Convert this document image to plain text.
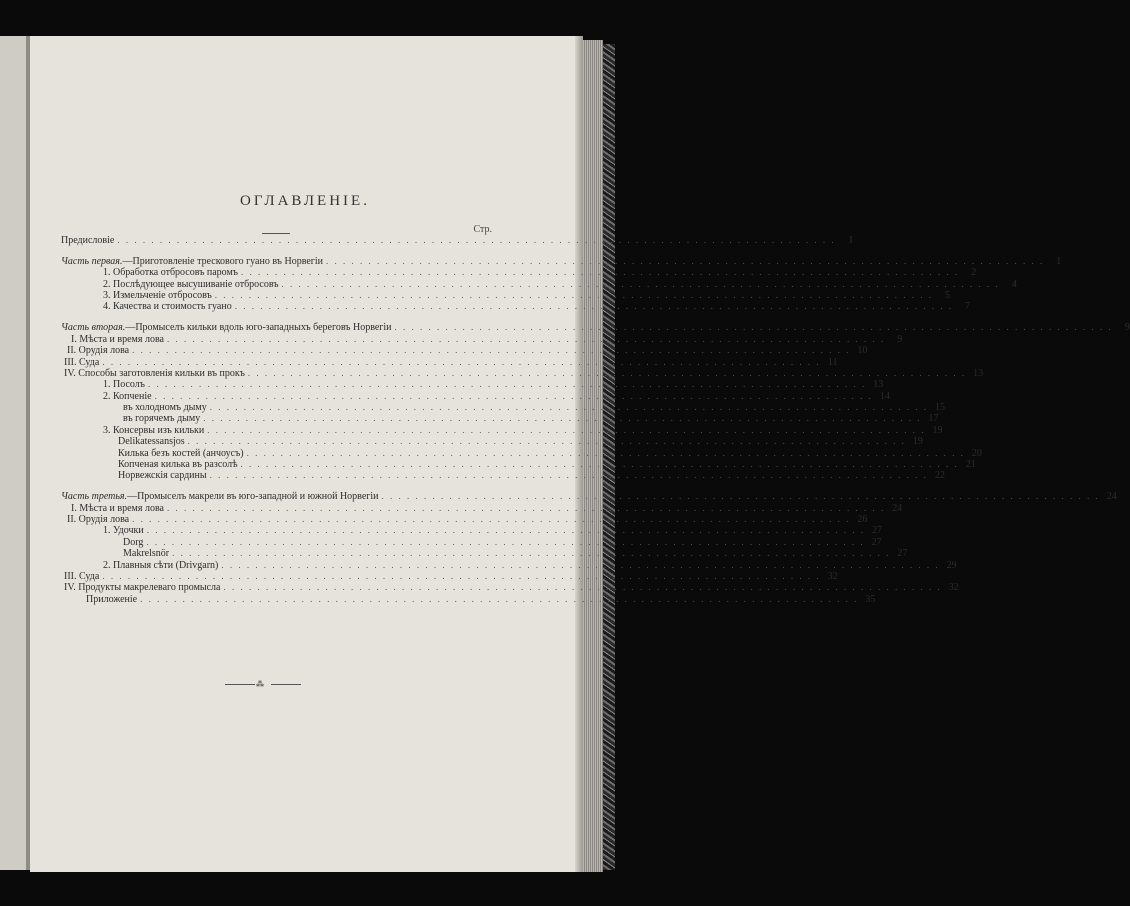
ОГЛАВЛЕНІЕ.
Стр.
Предисловіе . . . . . . . . . . . . . . . . . . . . . . . . . . . . . . . . . . . . . . . . . . . . . . . . . . . . . . . . . . . . . . . . . . . . . . . . . . . . . . . . . . . . .	I
Часть первая.—Приготовленіе трескового гуано въ Норвегіи . . . . . . . . . . . . . . . . . . . . . . . . . . . . . . . . . . . . . . . . . . . . . . . . . . . . . . . . . . . . . . . . . . . . . . . . . . . . . . . . . . . . .	1
1. Обработка отбросовъ паромъ . . . . . . . . . . . . . . . . . . . . . . . . . . . . . . . . . . . . . . . . . . . . . . . . . . . . . . . . . . . . . . . . . . . . . . . . . . . . . . . . . . . . .	2
2. Послѣдующее высушиваніе отбросовъ . . . . . . . . . . . . . . . . . . . . . . . . . . . . . . . . . . . . . . . . . . . . . . . . . . . . . . . . . . . . . . . . . . . . . . . . . . . . . . . . . . . . .	4
3. Измельченіе отбросовъ . . . . . . . . . . . . . . . . . . . . . . . . . . . . . . . . . . . . . . . . . . . . . . . . . . . . . . . . . . . . . . . . . . . . . . . . . . . . . . . . . . . . .	5
4. Качества и стоимость гуано . . . . . . . . . . . . . . . . . . . . . . . . . . . . . . . . . . . . . . . . . . . . . . . . . . . . . . . . . . . . . . . . . . . . . . . . . . . . . . . . . . . . .	7
Часть вторая.—Промыселъ кильки вдоль юго-западныхъ береговъ Норвегіи . . . . . . . . . . . . . . . . . . . . . . . . . . . . . . . . . . . . . . . . . . . . . . . . . . . . . . . . . . . . . . . . . . . . . . . . . . . . . . . . . . . . .	9
I. Мѣста и время лова . . . . . . . . . . . . . . . . . . . . . . . . . . . . . . . . . . . . . . . . . . . . . . . . . . . . . . . . . . . . . . . . . . . . . . . . . . . . . . . . . . . . .	9
II. Орудія лова . . . . . . . . . . . . . . . . . . . . . . . . . . . . . . . . . . . . . . . . . . . . . . . . . . . . . . . . . . . . . . . . . . . . . . . . . . . . . . . . . . . . . 10
III. Суда . . . . . . . . . . . . . . . . . . . . . . . . . . . . . . . . . . . . . . . . . . . . . . . . . . . . . . . . . . . . . . . . . . . . . . . . . . . . . . . . . . . . . 11
IV. Способы заготовленія кильки въ прокъ . . . . . . . . . . . . . . . . . . . . . . . . . . . . . . . . . . . . . . . . . . . . . . . . . . . . . . . . . . . . . . . . . . . . . . . . . . . . . . . . . . . . . 13
1. Посолъ . . . . . . . . . . . . . . . . . . . . . . . . . . . . . . . . . . . . . . . . . . . . . . . . . . . . . . . . . . . . . . . . . . . . . . . . . . . . . . . . . . . . . 13
2. Копченіе . . . . . . . . . . . . . . . . . . . . . . . . . . . . . . . . . . . . . . . . . . . . . . . . . . . . . . . . . . . . . . . . . . . . . . . . . . . . . . . . . . . . . 14
въ холодномъ дыму . . . . . . . . . . . . . . . . . . . . . . . . . . . . . . . . . . . . . . . . . . . . . . . . . . . . . . . . . . . . . . . . . . . . . . . . . . . . . . . . . . . . . 15
въ горячемъ дыму . . . . . . . . . . . . . . . . . . . . . . . . . . . . . . . . . . . . . . . . . . . . . . . . . . . . . . . . . . . . . . . . . . . . . . . . . . . . . . . . . . . . . 17
3. Консервы изъ кильки . . . . . . . . . . . . . . . . . . . . . . . . . . . . . . . . . . . . . . . . . . . . . . . . . . . . . . . . . . . . . . . . . . . . . . . . . . . . . . . . . . . . . 19
Delikatessansjos . . . . . . . . . . . . . . . . . . . . . . . . . . . . . . . . . . . . . . . . . . . . . . . . . . . . . . . . . . . . . . . . . . . . . . . . . . . . . . . . . . . . . 19
Килька безъ костей (анчоусъ) . . . . . . . . . . . . . . . . . . . . . . . . . . . . . . . . . . . . . . . . . . . . . . . . . . . . . . . . . . . . . . . . . . . . . . . . . . . . . . . . . . . . . 20
Копченая килька въ разсолѣ . . . . . . . . . . . . . . . . . . . . . . . . . . . . . . . . . . . . . . . . . . . . . . . . . . . . . . . . . . . . . . . . . . . . . . . . . . . . . . . . . . . . . 21
Норвежскія сардины . . . . . . . . . . . . . . . . . . . . . . . . . . . . . . . . . . . . . . . . . . . . . . . . . . . . . . . . . . . . . . . . . . . . . . . . . . . . . . . . . . . . . 22
Часть третья.—Промыселъ макрели въ юго-западной и южной Норвегіи . . . . . . . . . . . . . . . . . . . . . . . . . . . . . . . . . . . . . . . . . . . . . . . . . . . . . . . . . . . . . . . . . . . . . . . . . . . . . . . . . . . . . 24
I. Мѣста и время лова . . . . . . . . . . . . . . . . . . . . . . . . . . . . . . . . . . . . . . . . . . . . . . . . . . . . . . . . . . . . . . . . . . . . . . . . . . . . . . . . . . . . . 24
II. Орудія лова . . . . . . . . . . . . . . . . . . . . . . . . . . . . . . . . . . . . . . . . . . . . . . . . . . . . . . . . . . . . . . . . . . . . . . . . . . . . . . . . . . . . . 26
1. Удочки . . . . . . . . . . . . . . . . . . . . . . . . . . . . . . . . . . . . . . . . . . . . . . . . . . . . . . . . . . . . . . . . . . . . . . . . . . . . . . . . . . . . . 27
Dorg . . . . . . . . . . . . . . . . . . . . . . . . . . . . . . . . . . . . . . . . . . . . . . . . . . . . . . . . . . . . . . . . . . . . . . . . . . . . . . . . . . . . . 27
Makrelsnör . . . . . . . . . . . . . . . . . . . . . . . . . . . . . . . . . . . . . . . . . . . . . . . . . . . . . . . . . . . . . . . . . . . . . . . . . . . . . . . . . . . . . 27
2. Плавныя сѣти (Drivgarn) . . . . . . . . . . . . . . . . . . . . . . . . . . . . . . . . . . . . . . . . . . . . . . . . . . . . . . . . . . . . . . . . . . . . . . . . . . . . . . . . . . . . . 29
III. Суда . . . . . . . . . . . . . . . . . . . . . . . . . . . . . . . . . . . . . . . . . . . . . . . . . . . . . . . . . . . . . . . . . . . . . . . . . . . . . . . . . . . . . 32
IV. Продукты макрелеваго промысла . . . . . . . . . . . . . . . . . . . . . . . . . . . . . . . . . . . . . . . . . . . . . . . . . . . . . . . . . . . . . . . . . . . . . . . . . . . . . . . . . . . . . 32
Приложеніе . . . . . . . . . . . . . . . . . . . . . . . . . . . . . . . . . . . . . . . . . . . . . . . . . . . . . . . . . . . . . . . . . . . . . . . . . . . . . . . . . . . . . 35
⁂
